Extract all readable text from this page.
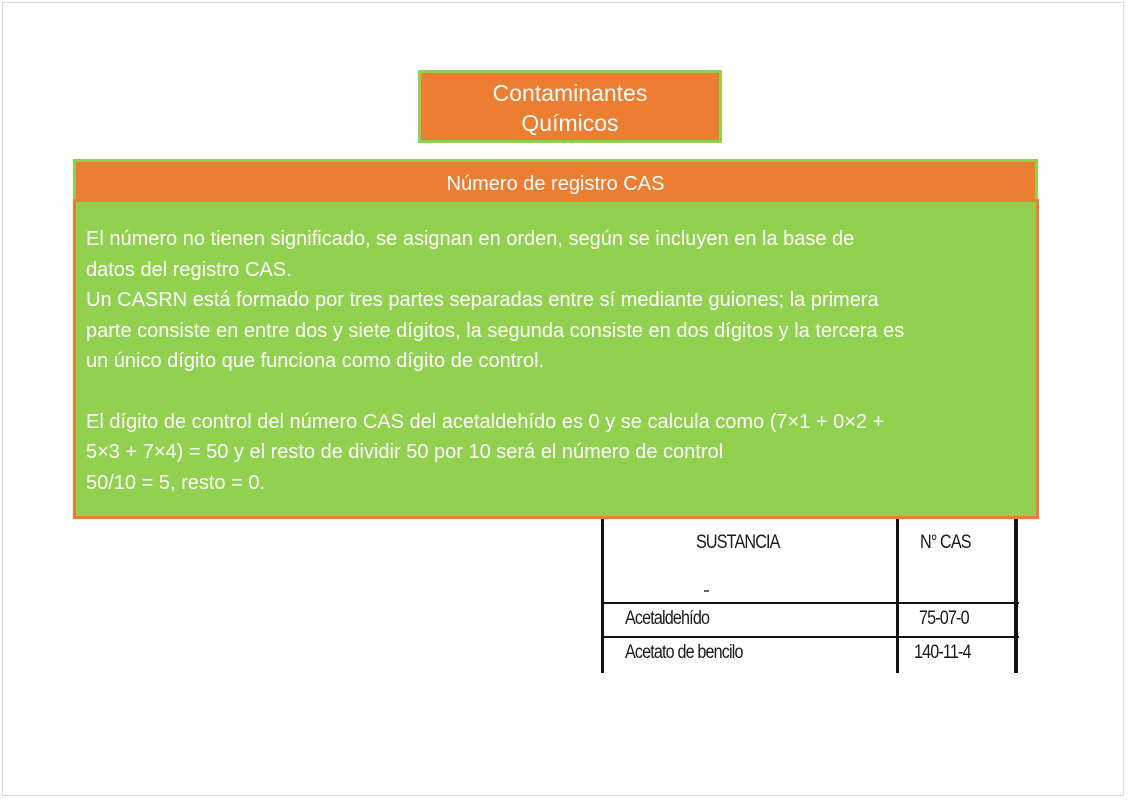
Contaminantes
Químicos
Número de registro CAS

El número no tienen significado, se asignan en orden, según se incluyen en la base de

datos del registro CAS.

Un CASRN está formado por tres partes separadas entre sí mediante guiones; la primera

parte consiste en entre dos y siete dígitos, la segunda consiste en dos dígitos y la tercera es

un único dígito que funciona como dígito de control.

El dígito de control del número CAS del acetaldehído es 0 y se calcula como (7×1 + 0×2 +

5×3 + 7×4) = 50 y el resto de dividir 50 por 10 será el número de control

50/10 = 5, resto = 0.

SUSTANCIA	N° CAS
Acetaldehído	75-07-0
Acetato de bencilo	140-11-4
